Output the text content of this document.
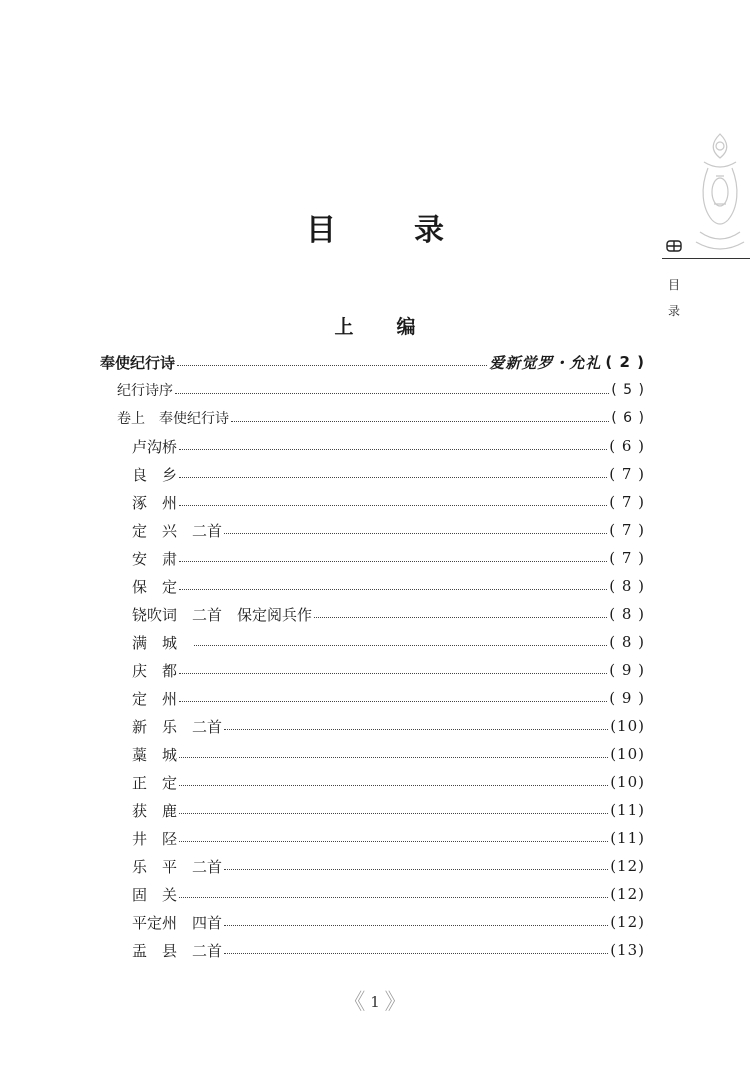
目
录
目　录
上　编
奉使纪行诗	爱新觉罗・允礼 ( 2 )
纪行诗序	( 5 )
卷上　奉使纪行诗	( 6 )
卢沟桥	( 6 )
良　乡	( 7 )
涿　州	( 7 )
定　兴　二首	( 7 )
安　肃	( 7 )
保　定	( 8 )
铙吹词　二首　保定阅兵作	( 8 )
满　城　	( 8 )
庆　都	( 9 )
定　州	( 9 )
新　乐　二首	(10)
藁　城	(10)
正　定	(10)
获　鹿	(11)
井　陉	(11)
乐　平　二首	(12)
固　关	(12)
平定州　四首	(12)
盂　县　二首	(13)
《 1 》
